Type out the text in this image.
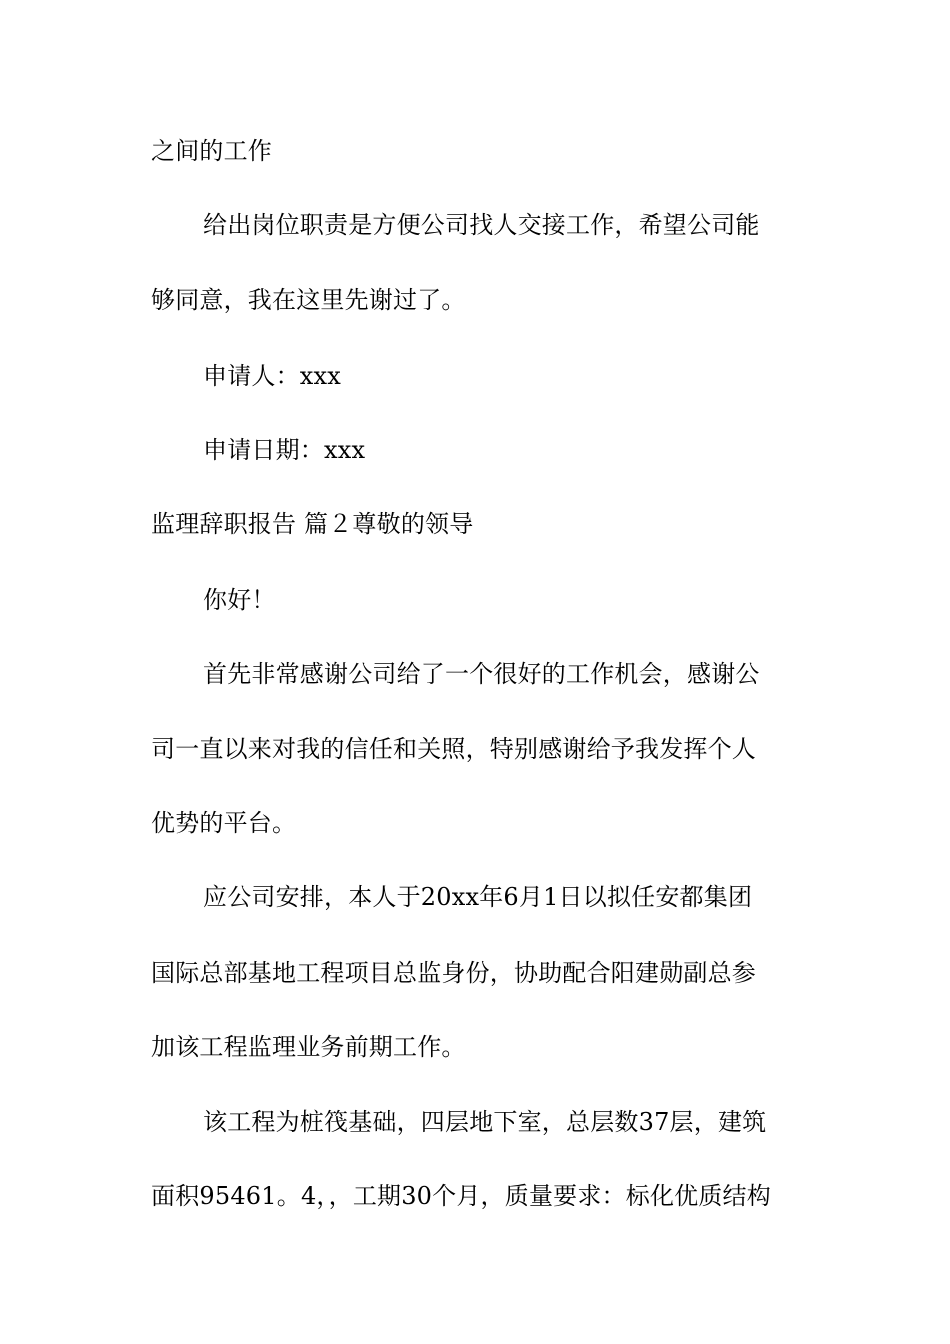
之间的工作
给出岗位职责是方便公司找人交接工作，希望公司能
够同意，我在这里先谢过了。
申请人：xxx
申请日期：xxx
监理辞职报告 篇２尊敬的领导
你好！
首先非常感谢公司给了一个很好的工作机会，感谢公
司一直以来对我的信任和关照，特别感谢给予我发挥个人
优势的平台。
应公司安排，本人于20xx年6月1日以拟任安都集团
国际总部基地工程项目总监身份，协助配合阳建勋副总参
加该工程监理业务前期工作。
该工程为桩筏基础，四层地下室，总层数37层，建筑
面积95461。4，，工期30个月，质量要求：标化优质结构
